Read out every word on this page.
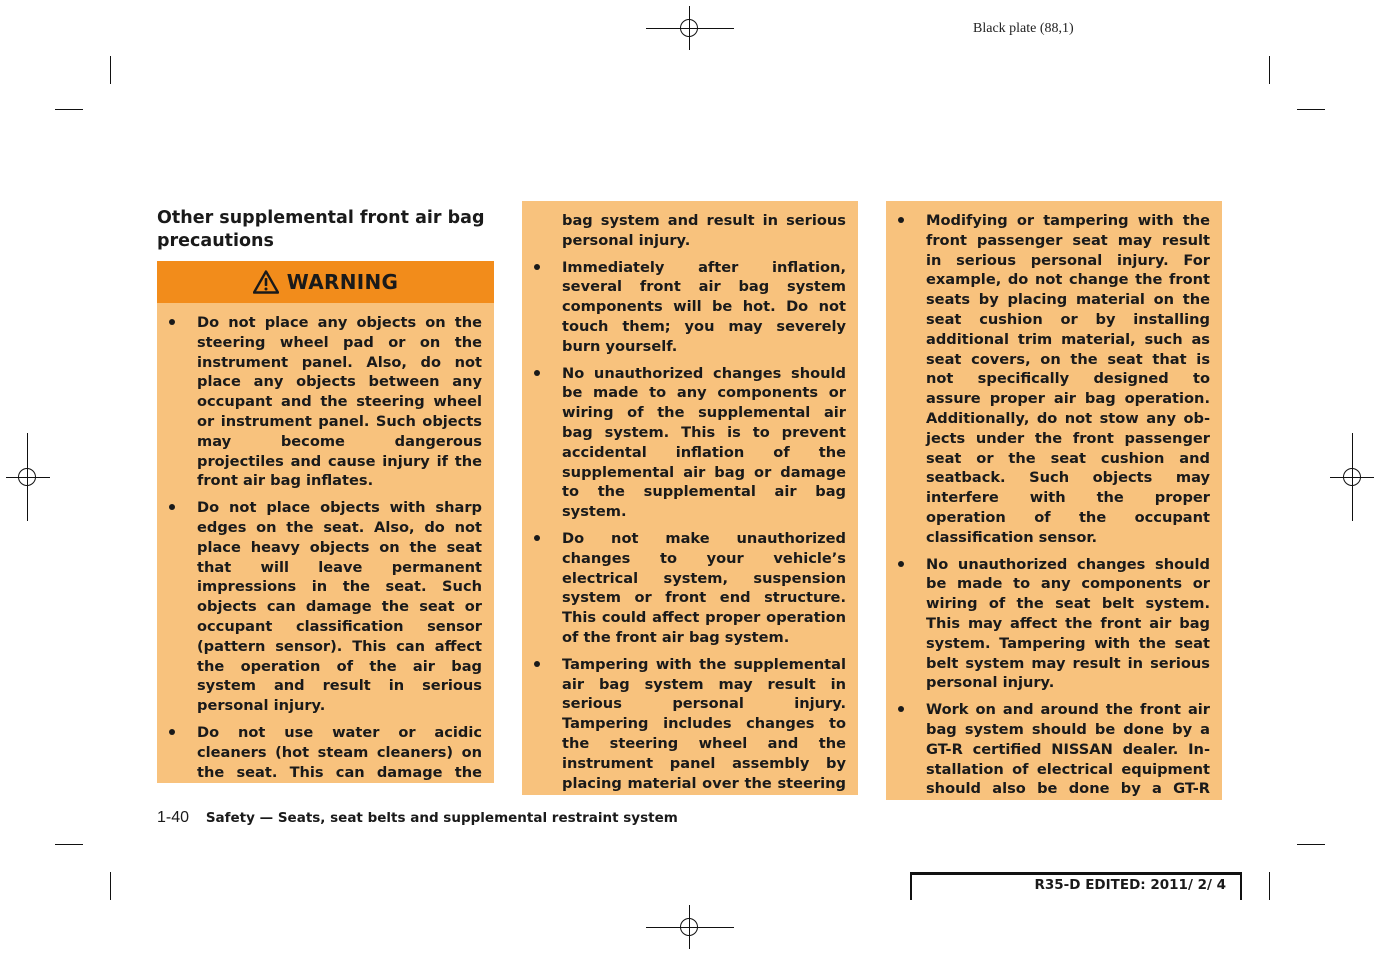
Black plate (88,1)
Other supplemental front air bag precautions
WARNING
Do not place any objects on the steering wheel pad or on the instrument panel. Also, do not place any objects between any occupant and the steering wheel or instrument panel. Such objects may become dangerous projectiles and cause injury if the front air bag inflates.
Do not place objects with sharp edges on the seat. Also, do not place heavy objects on the seat that will leave permanent impressions in the seat. Such objects can damage the seat or occupant classification sensor (pattern sensor). This can affect the operation of the air bag system and result in serious personal injury.
Do not use water or acidic cleaners (hot steam cleaners) on the seat. This can damage the
bag system and result in serious personal injury.
Immediately after inflation, several front air bag system components will be hot. Do not touch them; you may severely burn yourself.
No unauthorized changes should be made to any components or wiring of the supplemental air bag system. This is to prevent accidental inflation of the supplemental air bag or damage to the supplemental air bag system.
Do not make unauthorized changes to your vehicle’s electrical system, suspension system or front end structure. This could affect proper operation of the front air bag system.
Tampering with the supplemental air bag system may result in serious personal injury. Tampering includes changes to the steering wheel and the instrument panel assembly by placing material over the steering
Modifying or tampering with the front passenger seat may result in serious personal injury. For example, do not change the front seats by placing material on the seat cushion or by installing additional trim material, such as seat covers, on the seat that is not specifically designed to assure proper air bag operation. Additionally, do not stow any objects under the front passenger seat or the seat cushion and seatback. Such objects may interfere with the proper operation of the occupant classification sensor.
No unauthorized changes should be made to any components or wiring of the seat belt system. This may affect the front air bag system. Tampering with the seat belt system may result in serious personal injury.
Work on and around the front air bag system should be done by a GT-R certified NISSAN dealer. Installation of electrical equipment should also be done by a GT-R
1-40 Safety — Seats, seat belts and supplemental restraint system
R35-D EDITED: 2011/ 2/ 4
